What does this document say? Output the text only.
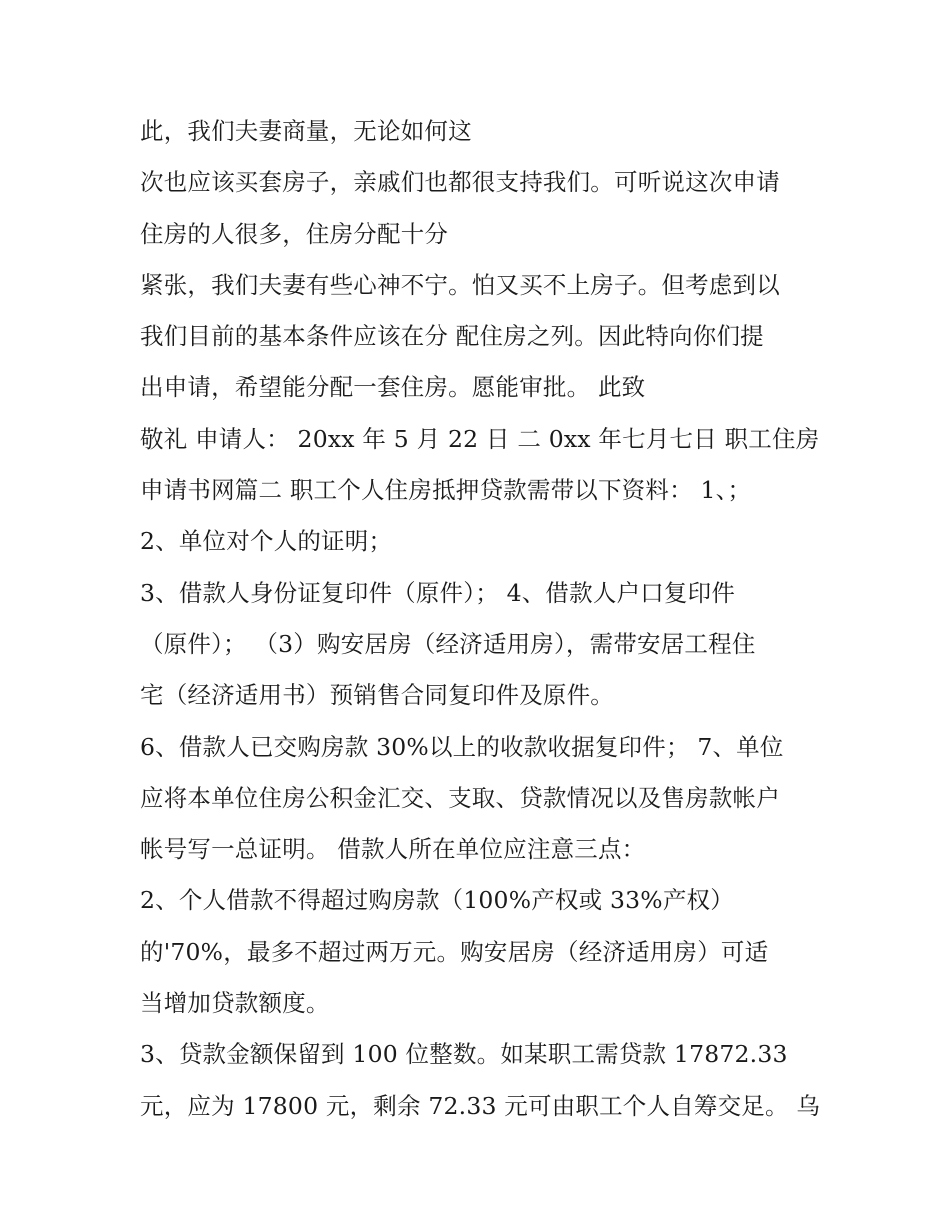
此，我们夫妻商量，无论如何这
次也应该买套房子，亲戚们也都很支持我们。可听说这次申请
住房的人很多，住房分配十分
紧张，我们夫妻有些心神不宁。怕又买不上房子。但考虑到以
我们目前的基本条件应该在分 配住房之列。因此特向你们提
出申请，希望能分配一套住房。愿能审批。 此致
敬礼 申请人： 20xx 年 5 月 22 日 二 0xx 年七月七日 职工住房
申请书网篇二 职工个人住房抵押贷款需带以下资料： 1、；
2、单位对个人的证明；
3、借款人身份证复印件（原件）； 4、借款人户口复印件
（原件）； （3）购安居房（经济适用房），需带安居工程住
宅（经济适用书）预销售合同复印件及原件。
6、借款人已交购房款 30%以上的收款收据复印件； 7、单位
应将本单位住房公积金汇交、支取、贷款情况以及售房款帐户
帐号写一总证明。 借款人所在单位应注意三点：
2、个人借款不得超过购房款（100%产权或 33%产权）
的'70%，最多不超过两万元。购安居房（经济适用房）可适
当增加贷款额度。
3、贷款金额保留到 100 位整数。如某职工需贷款 17872.33
元，应为 17800 元，剩余 72.33 元可由职工个人自筹交足。 乌
